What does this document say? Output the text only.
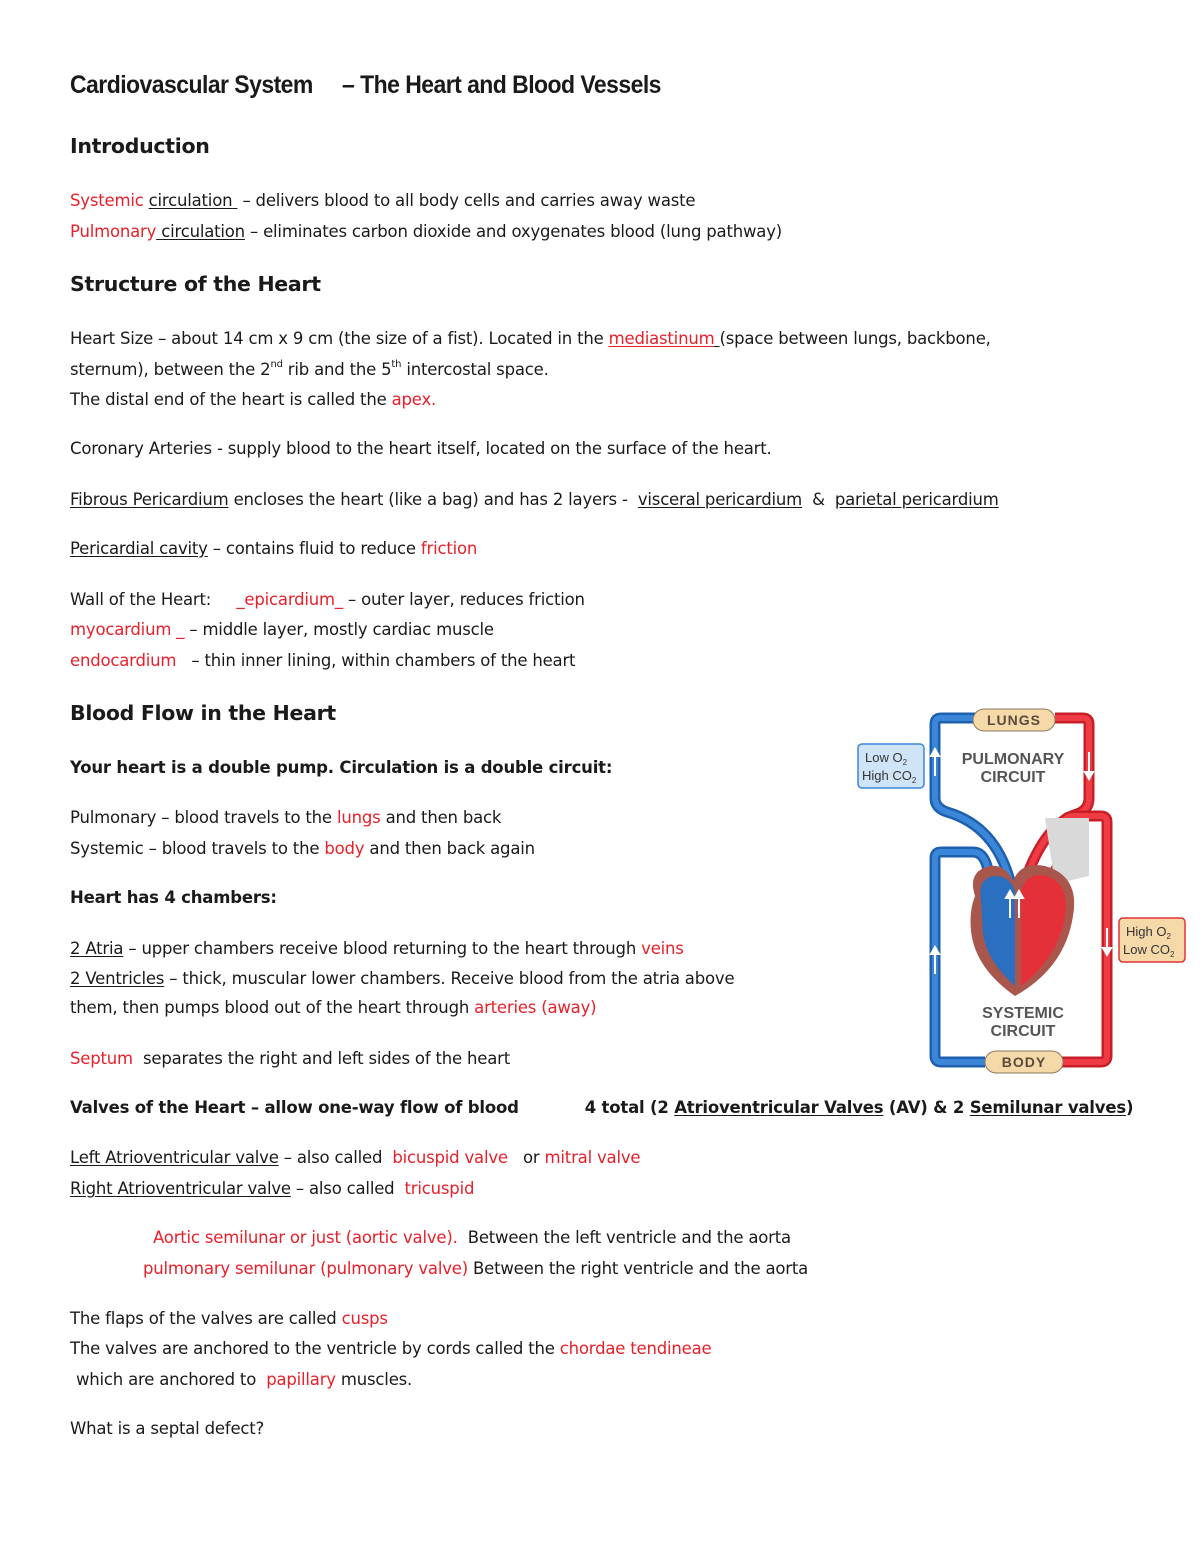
Cardiovascular System – The Heart and Blood Vessels
Introduction
Systemic circulation – delivers blood to all body cells and carries away waste
Pulmonary circulation – eliminates carbon dioxide and oxygenates blood (lung pathway)
Structure of the Heart
Heart Size – about 14 cm x 9 cm (the size of a fist). Located in the mediastinum (space between lungs, backbone,
sternum), between the 2nd rib and the 5th intercostal space.
The distal end of the heart is called the apex.
Coronary Arteries - supply blood to the heart itself, located on the surface of the heart.
Fibrous Pericardium encloses the heart (like a bag) and has 2 layers - visceral pericardium & parietal pericardium
Pericardial cavity – contains fluid to reduce friction
Wall of the Heart: _epicardium_ – outer layer, reduces friction
myocardium _ – middle layer, mostly cardiac muscle
endocardium – thin inner lining, within chambers of the heart
Blood Flow in the Heart
Your heart is a double pump. Circulation is a double circuit:
Pulmonary – blood travels to the lungs and then back
Systemic – blood travels to the body and then back again
Heart has 4 chambers:
2 Atria – upper chambers receive blood returning to the heart through veins
2 Ventricles – thick, muscular lower chambers. Receive blood from the atria above
them, then pumps blood out of the heart through arteries (away)
Septum separates the right and left sides of the heart
Valves of the Heart – allow one-way flow of blood	4 total (2 Atrioventricular Valves (AV) & 2 Semilunar valves)
Left Atrioventricular valve – also called bicuspid valve or mitral valve
Right Atrioventricular valve – also called tricuspid
Aortic semilunar or just (aortic valve). Between the left ventricle and the aorta
pulmonary semilunar (pulmonary valve) Between the right ventricle and the aorta
The flaps of the valves are called cusps
The valves are anchored to the ventricle by cords called the chordae tendineae
which are anchored to papillary muscles.
What is a septal defect?
LUNGS
PULMONARY
CIRCUIT
Low $O_2$
High $CO_2$
High $O_2$
Low $CO_2$
SYSTEMIC
CIRCUIT
BODY
